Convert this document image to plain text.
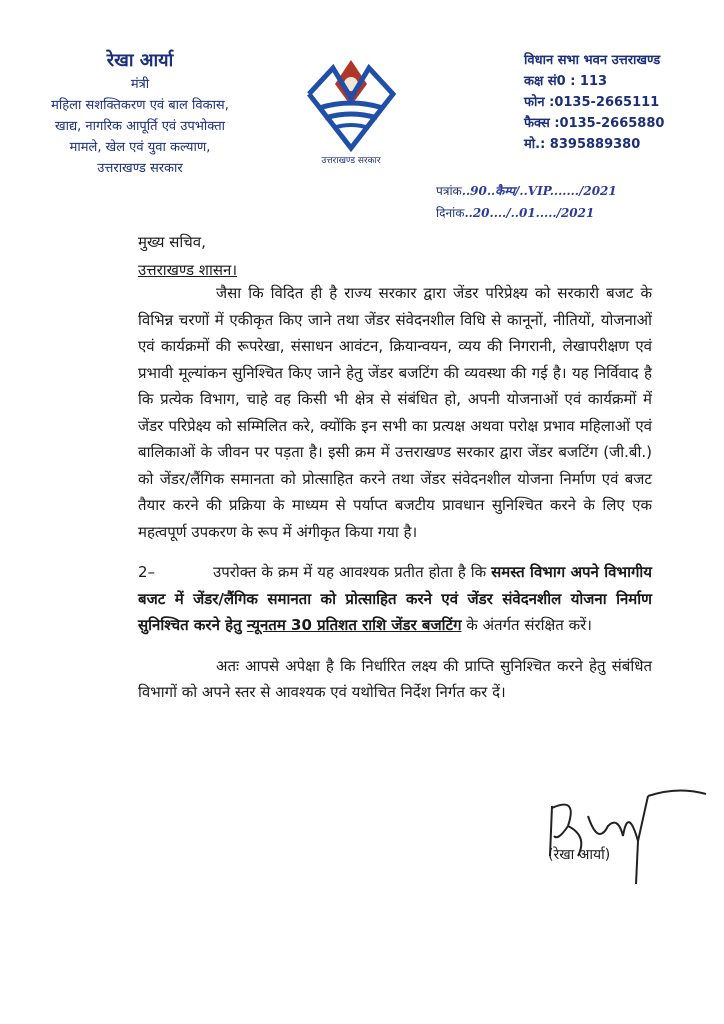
रेखा आर्या
मंत्री
महिला सशक्तिकरण एवं बाल विकास,
खाद्य, नागरिक आपूर्ति एवं उपभोक्ता
मामले, खेल एवं युवा कल्याण,
उत्तराखण्ड सरकार	उत्तराखण्ड सरकार
विधान सभा भवन उत्तराखण्ड
कक्ष सं0 : 113
फोन :0135-2665111
फैक्स :0135-2665880
मो.: 8395889380
पत्रांक..90..कैम्प/..VIP......./2021
दिनांक..20..../..01...../2021
मुख्य सचिव,
उत्तराखण्ड शासन।

जैसा कि विदित ही है राज्य सरकार द्वारा जेंडर परिप्रेक्ष्य को सरकारी बजट के विभिन्न चरणों में एकीकृत किए जाने तथा जेंडर संवेदनशील विधि से कानूनों, नीतियों, योजनाओं एवं कार्यक्रमों की रूपरेखा, संसाधन आवंटन, क्रियान्वयन, व्यय की निगरानी, लेखापरीक्षण एवं प्रभावी मूल्यांकन सुनिश्चित किए जाने हेतु जेंडर बजटिंग की व्यवस्था की गई है। यह निर्विवाद है कि प्रत्येक विभाग, चाहे वह किसी भी क्षेत्र से संबंधित हो, अपनी योजनाओं एवं कार्यक्रमों में जेंडर परिप्रेक्ष्य को सम्मिलित करे, क्योंकि इन सभी का प्रत्यक्ष अथवा परोक्ष प्रभाव महिलाओं एवं बालिकाओं के जीवन पर पड़ता है। इसी क्रम में उत्तराखण्ड सरकार द्वारा जेंडर बजटिंग (जी.बी.) को जेंडर/लैंगिक समानता को प्रोत्साहित करने तथा जेंडर संवेदनशील योजना निर्माण एवं बजट तैयार करने की प्रक्रिया के माध्यम से पर्याप्त बजटीय प्रावधान सुनिश्चित करने के लिए एक महत्वपूर्ण उपकरण के रूप में अंगीकृत किया गया है।

2–	उपरोक्त के क्रम में यह आवश्यक प्रतीत होता है कि समस्त विभाग अपने विभागीय बजट में जेंडर/लैंगिक समानता को प्रोत्साहित करने एवं जेंडर संवेदनशील योजना निर्माण सुनिश्चित करने हेतु न्यूनतम 30 प्रतिशत राशि जेंडर बजटिंग के अंतर्गत संरक्षित करें।

अतः आपसे अपेक्षा है कि निर्धारित लक्ष्य की प्राप्ति सुनिश्चित करने हेतु संबंधित विभागों को अपने स्तर से आवश्यक एवं यथोचित निर्देश निर्गत कर दें।

(रेखा आर्या)
